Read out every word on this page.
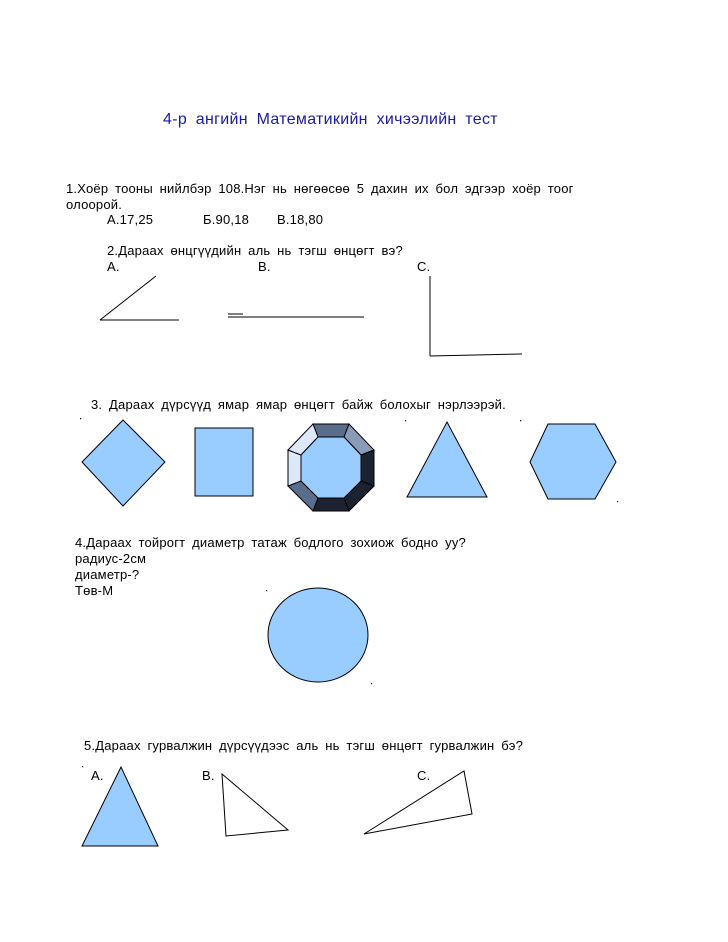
4-р ангийн Математикийн хичээлийн тест
1.Хоёр тооны нийлбэр 108.Нэг нь нөгөөсөө 5 дахин их бол эдгээр хоёр тоог
олоорой.
А.17,25	Б.90,18 В.18,80
2.Дараах өнцгүүдийн аль нь тэгш өнцөгт вэ?
А.	В.	С.
3. Дараах дүрсүүд ямар ямар өнцөгт байж болохыг нэрлээрэй.
4.Дараах тойрогт диаметр татаж бодлого зохиож бодно уу?
радиус-2см
диаметр-?
Төв-М
5.Дараах гурвалжин дүрсүүдээс аль нь тэгш өнцөгт гурвалжин бэ?
А.	В.	С.
